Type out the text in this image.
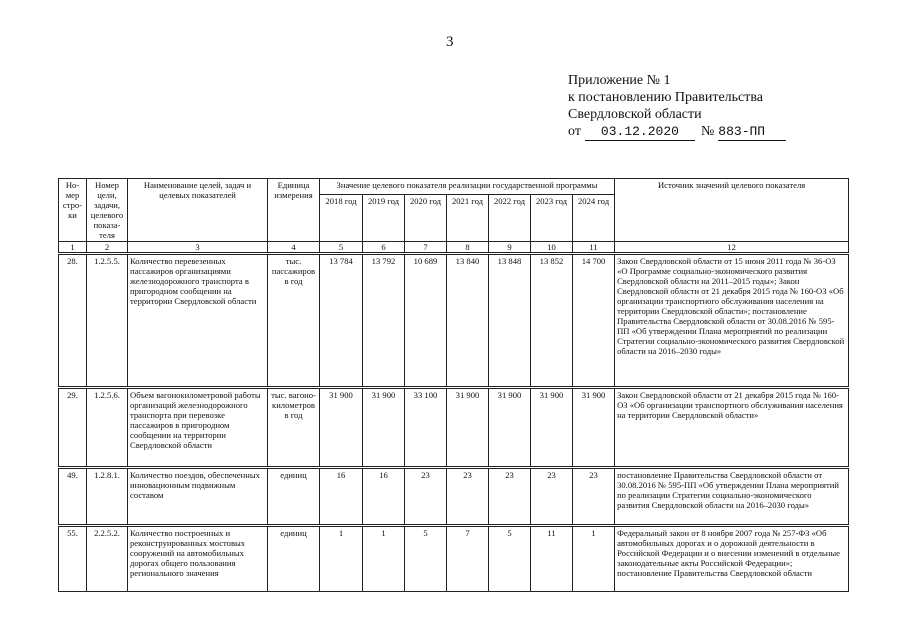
3
Приложение № 1
к постановлению Правительства
Свердловской области
от 03.12.2020 № 883-ПП
Но-мер стро-ки	Номер цели, задачи, целевого показа-теля	Наименование целей, задач и целевых показателей	Единица измерения	Значение целевого показателя реализации государственной программы							Источник значений целевого показателя
				2018 год	2019 год	2020 год	2021 год	2022 год	2023 год	2024 год	
1	2	3	4	5	6	7	8	9	10	11	12
28.	1.2.5.5.	Количество перевезенных пассажиров организациями железнодорожного транспорта в пригородном сообщении на территории Свердловской области	тыс. пассажиров в год	13 784	13 792	10 689	13 840	13 848	13 852	14 700	Закон Свердловской области от 15 июня 2011 года № 36-ОЗ «О Программе социально-экономического развития Свердловской области на 2011–2015 годы»; Закон Свердловской области от 21 декабря 2015 года № 160-ОЗ «Об организации транспортного обслуживания населения на территории Свердловской области»; постановление Правительства Свердловской области от 30.08.2016 № 595-ПП «Об утверждении Плана мероприятий по реализации Стратегии социально-экономического развития Свердловской области на 2016–2030 годы»
29.	1.2.5.6.	Объем вагонокилометровой работы организаций железнодорожного транспорта при перевозке пассажиров в пригородном сообщении на территории Свердловской области	тыс. вагоно-километров в год	31 900	31 900	33 100	31 900	31 900	31 900	31 900	Закон Свердловской области от 21 декабря 2015 года № 160-ОЗ «Об организации транспортного обслуживания населения на территории Свердловской области»
49.	1.2.8.1.	Количество поездов, обеспеченных инновационным подвижным составом	единиц	16	16	23	23	23	23	23	постановление Правительства Свердловской области от 30.08.2016 № 595-ПП «Об утверждении Плана мероприятий по реализации Стратегии социально-экономического развития Свердловской области на 2016–2030 годы»
55.	2.2.5.2.	Количество построенных и реконструированных мостовых сооружений на автомобильных дорогах общего пользования регионального значения	единиц	1	1	5	7	5	11	1	Федеральный закон от 8 ноября 2007 года № 257-ФЗ «Об автомобильных дорогах и о дорожной деятельности в Российской Федерации и о внесении изменений в отдельные законодательные акты Российской Федерации»; постановление Правительства Свердловской области
